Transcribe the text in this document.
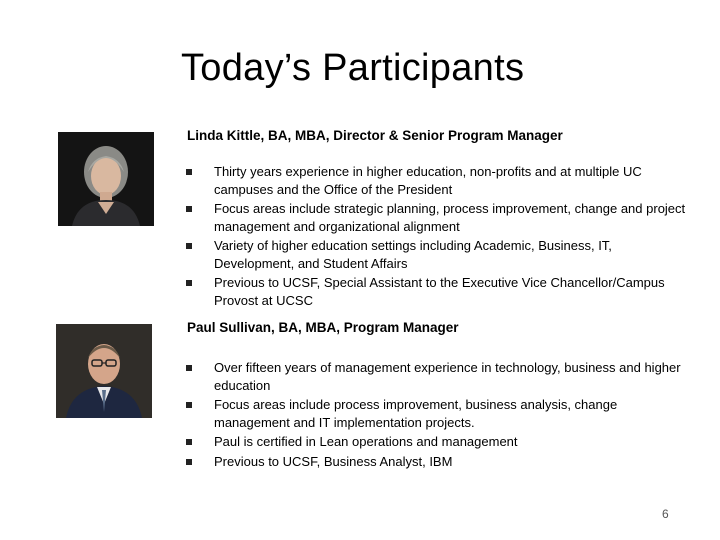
Today’s Participants
Linda Kittle, BA, MBA, Director & Senior Program Manager
Thirty years experience in higher education, non-profits and at multiple UC campuses and the Office of the President
Focus areas include strategic planning, process improvement, change and project management and organizational alignment
Variety of higher education settings including Academic, Business, IT, Development, and Student Affairs
Previous to UCSF, Special Assistant to the Executive Vice Chancellor/Campus Provost at UCSC
Paul Sullivan, BA, MBA, Program Manager
Over fifteen years of management experience in technology, business and higher education
Focus areas include process improvement, business analysis, change management and IT implementation projects.
Paul is certified in Lean operations and management
Previous to UCSF, Business Analyst, IBM
6
